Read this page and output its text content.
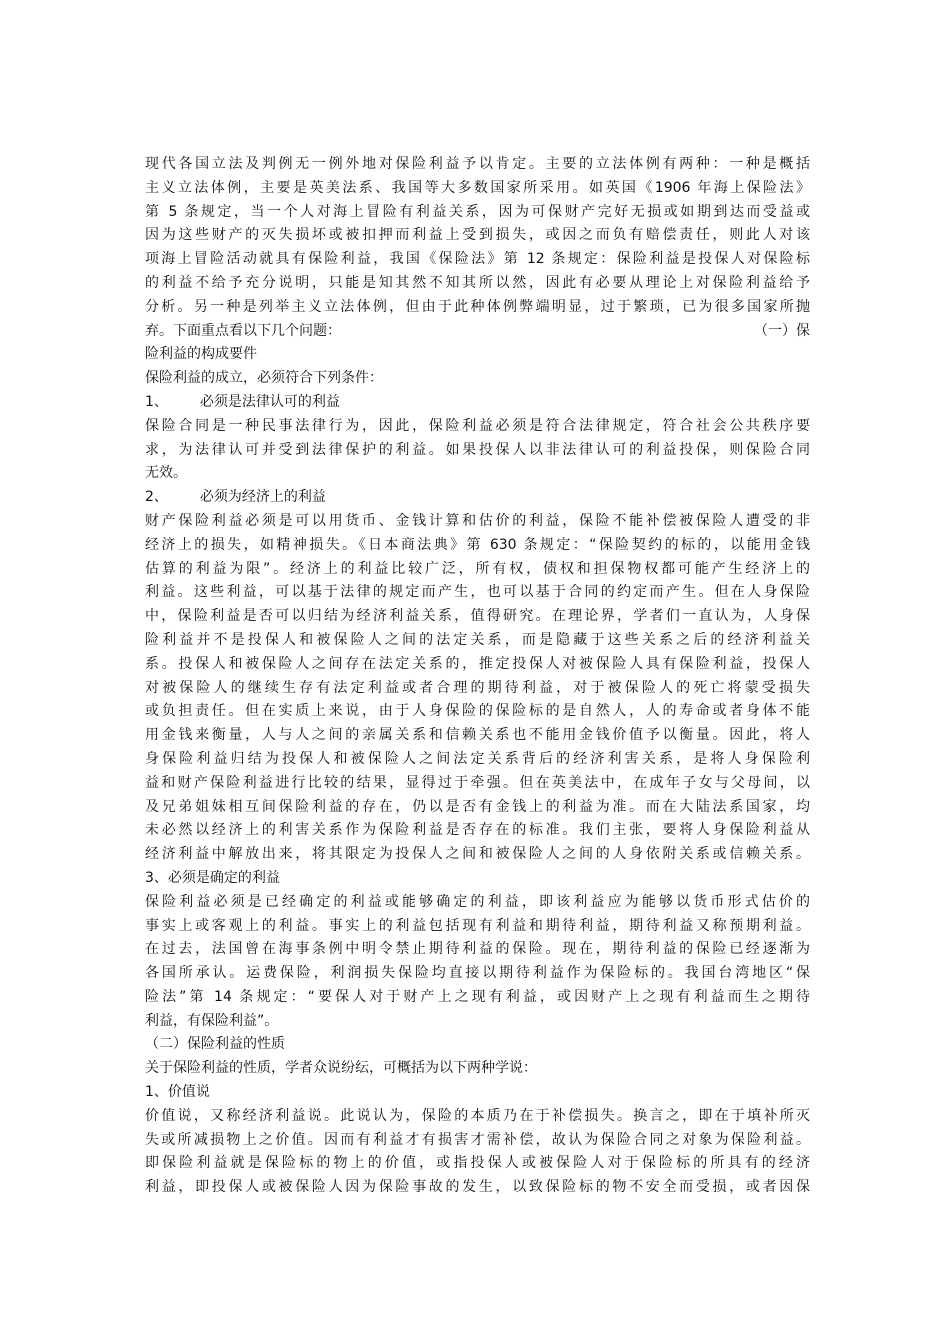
现代各国立法及判例无一例外地对保险利益予以肯定。主要的立法体例有两种：一种是概括
主义立法体例，主要是英美法系、我国等大多数国家所采用。如英国《1906 年海上保险法》
第 5 条规定，当一个人对海上冒险有利益关系，因为可保财产完好无损或如期到达而受益或
因为这些财产的灭失损坏或被扣押而利益上受到损失，或因之而负有赔偿责任，则此人对该
项海上冒险活动就具有保险利益，我国《保险法》第 12 条规定：保险利益是投保人对保险标
的利益不给予充分说明，只能是知其然不知其所以然，因此有必要从理论上对保险利益给予
分析。另一种是列举主义立法体例，但由于此种体例弊端明显，过于繁琐，已为很多国家所抛
弃。下面重点看以下几个问题：	（一）保
险利益的构成要件
保险利益的成立，必须符合下列条件：
1、 必须是法律认可的利益
保险合同是一种民事法律行为，因此，保险利益必须是符合法律规定，符合社会公共秩序要
求，为法律认可并受到法律保护的利益。如果投保人以非法律认可的利益投保，则保险合同
无效。
2、 必须为经济上的利益
财产保险利益必须是可以用货币、金钱计算和估价的利益，保险不能补偿被保险人遭受的非
经济上的损失，如精神损失。《日本商法典》第 630 条规定：“保险契约的标的，以能用金钱
估算的利益为限”。经济上的利益比较广泛，所有权，债权和担保物权都可能产生经济上的
利益。这些利益，可以基于法律的规定而产生，也可以基于合同的约定而产生。但在人身保险
中，保险利益是否可以归结为经济利益关系，值得研究。在理论界，学者们一直认为，人身保
险利益并不是投保人和被保险人之间的法定关系，而是隐藏于这些关系之后的经济利益关
系。投保人和被保险人之间存在法定关系的，推定投保人对被保险人具有保险利益，投保人
对被保险人的继续生存有法定利益或者合理的期待利益，对于被保险人的死亡将蒙受损失
或负担责任。但在实质上来说，由于人身保险的保险标的是自然人，人的寿命或者身体不能
用金钱来衡量，人与人之间的亲属关系和信赖关系也不能用金钱价值予以衡量。因此，将人
身保险利益归结为投保人和被保险人之间法定关系背后的经济利害关系，是将人身保险利
益和财产保险利益进行比较的结果，显得过于牵强。但在英美法中，在成年子女与父母间，以
及兄弟姐妹相互间保险利益的存在，仍以是否有金钱上的利益为准。而在大陆法系国家，均
未必然以经济上的利害关系作为保险利益是否存在的标准。我们主张，要将人身保险利益从
经济利益中解放出来，将其限定为投保人之间和被保险人之间的人身依附关系或信赖关系。
3、必须是确定的利益
保险利益必须是已经确定的利益或能够确定的利益，即该利益应为能够以货币形式估价的
事实上或客观上的利益。事实上的利益包括现有利益和期待利益，期待利益又称预期利益。
在过去，法国曾在海事条例中明令禁止期待利益的保险。现在，期待利益的保险已经逐渐为
各国所承认。运费保险，利润损失保险均直接以期待利益作为保险标的。我国台湾地区“保
险法”第 14 条规定：“要保人对于财产上之现有利益，或因财产上之现有利益而生之期待
利益，有保险利益”。
（二）保险利益的性质
关于保险利益的性质，学者众说纷纭，可概括为以下两种学说：
1、价值说
价值说，又称经济利益说。此说认为，保险的本质乃在于补偿损失。换言之，即在于填补所灭
失或所减损物上之价值。因而有利益才有损害才需补偿，故认为保险合同之对象为保险利益。
即保险利益就是保险标的物上的价值，或指投保人或被保险人对于保险标的所具有的经济
利益，即投保人或被保险人因为保险事故的发生，以致保险标的物不安全而受损，或者因保
